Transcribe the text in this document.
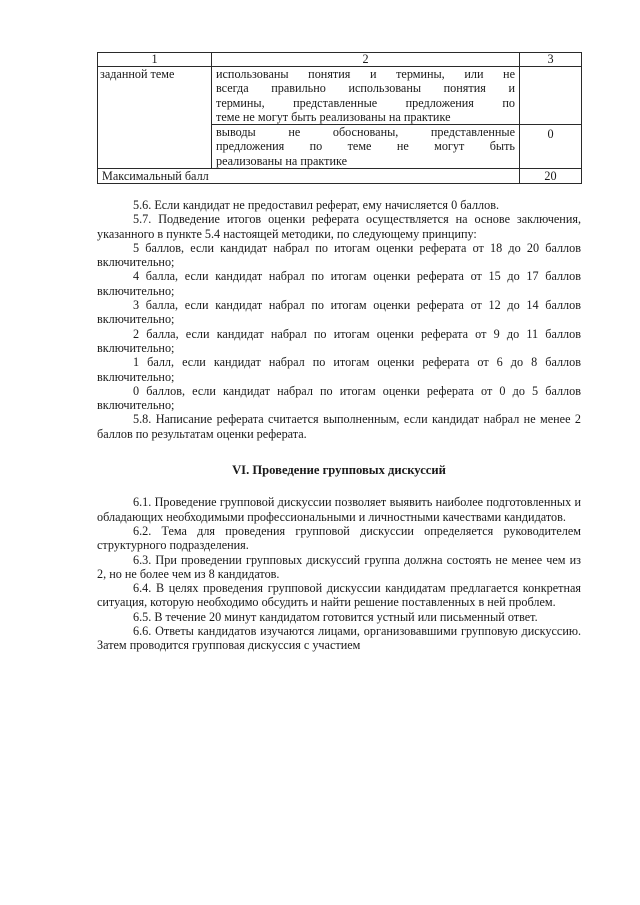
1	2	3
заданной теме	использованы понятия и термины, или не
всегда правильно использованы понятия и
термины, представленные предложения по
теме не могут быть реализованы на практике	

	выводы не обоснованы, представленные
предложения по теме не могут быть
реализованы на практике	0
Максимальный балл		20

5.6. Если кандидат не предоставил реферат, ему начисляется 0 баллов.

5.7. Подведение итогов оценки реферата осуществляется на основе заключения, указанного в пункте 5.4 настоящей методики, по следующему принципу:

5 баллов, если кандидат набрал по итогам оценки реферата от 18 до 20 баллов включительно;

4 балла, если кандидат набрал по итогам оценки реферата от 15 до 17 баллов включительно;

3 балла, если кандидат набрал по итогам оценки реферата от 12 до 14 баллов включительно;

2 балла, если кандидат набрал по итогам оценки реферата от 9 до 11 баллов включительно;

1 балл, если кандидат набрал по итогам оценки реферата от 6 до 8 баллов включительно;

0 баллов, если кандидат набрал по итогам оценки реферата от 0 до 5 баллов включительно;

5.8. Написание реферата считается выполненным, если кандидат набрал не менее 2 баллов по результатам оценки реферата.

VI. Проведение групповых дискуссий

6.1. Проведение групповой дискуссии позволяет выявить наиболее подготовленных и обладающих необходимыми профессиональными и личностными качествами кандидатов.

6.2. Тема для проведения групповой дискуссии определяется руководителем структурного подразделения.

6.3. При проведении групповых дискуссий группа должна состоять не менее чем из 2, но не более чем из 8 кандидатов.

6.4. В целях проведения групповой дискуссии кандидатам предлагается конкретная ситуация, которую необходимо обсудить и найти решение поставленных в ней проблем.

6.5. В течение 20 минут кандидатом готовится устный или письменный ответ.

6.6. Ответы кандидатов изучаются лицами, организовавшими групповую дискуссию. Затем проводится групповая дискуссия с участием
